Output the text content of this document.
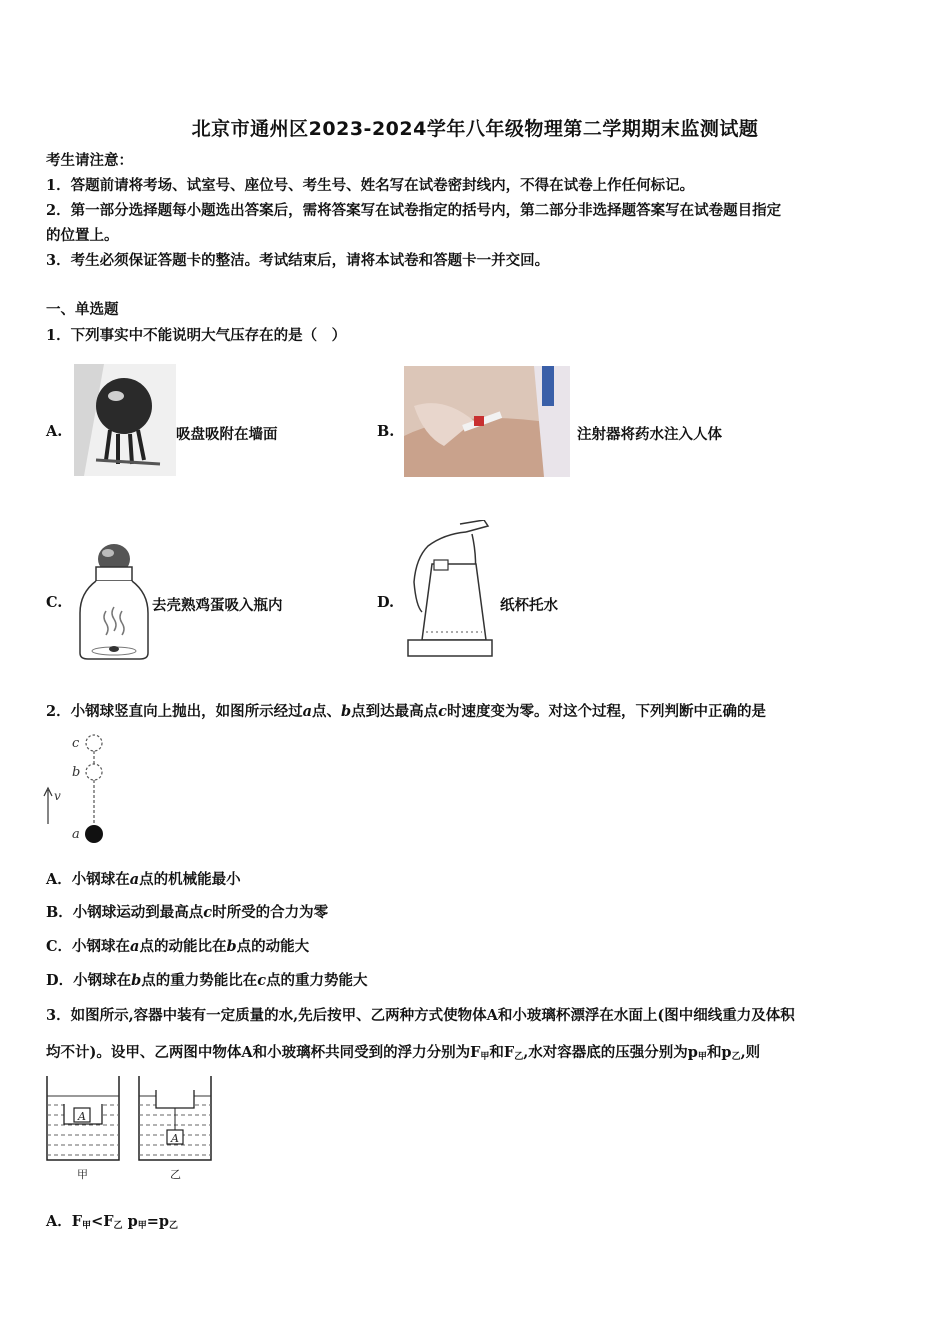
北京市通州区2023-2024学年八年级物理第二学期期末监测试题
考生请注意：
1．答题前请将考场、试室号、座位号、考生号、姓名写在试卷密封线内，不得在试卷上作任何标记。
2．第一部分选择题每小题选出答案后，需将答案写在试卷指定的括号内，第二部分非选择题答案写在试卷题目指定
的位置上。
3．考生必须保证答题卡的整洁。考试结束后，请将本试卷和答题卡一并交回。
一、单选题
1．下列事实中不能说明大气压存在的是（　）
A.	吸盘吸附在墙面	B.	注射器将药水注入人体
C.	去壳熟鸡蛋吸入瓶内	D.	纸杯托水
2．小钢球竖直向上抛出，如图所示经过a点、b点到达最高点c时速度变为零。对这个过程，下列判断中正确的是
c
b
v
a
A．小钢球在a点的机械能最小
B．小钢球运动到最高点c时所受的合力为零
C．小钢球在a点的动能比在b点的动能大
D．小钢球在b点的重力势能比在c点的重力势能大
3．如图所示,容器中装有一定质量的水,先后按甲、乙两种方式使物体A和小玻璃杯漂浮在水面上(图中细线重力及体积
均不计)。设甲、乙两图中物体A和小玻璃杯共同受到的浮力分别为F甲和F乙,水对容器底的压强分别为p甲和p乙,则
A
甲
A
乙
A．F甲<F乙 p甲=p乙
